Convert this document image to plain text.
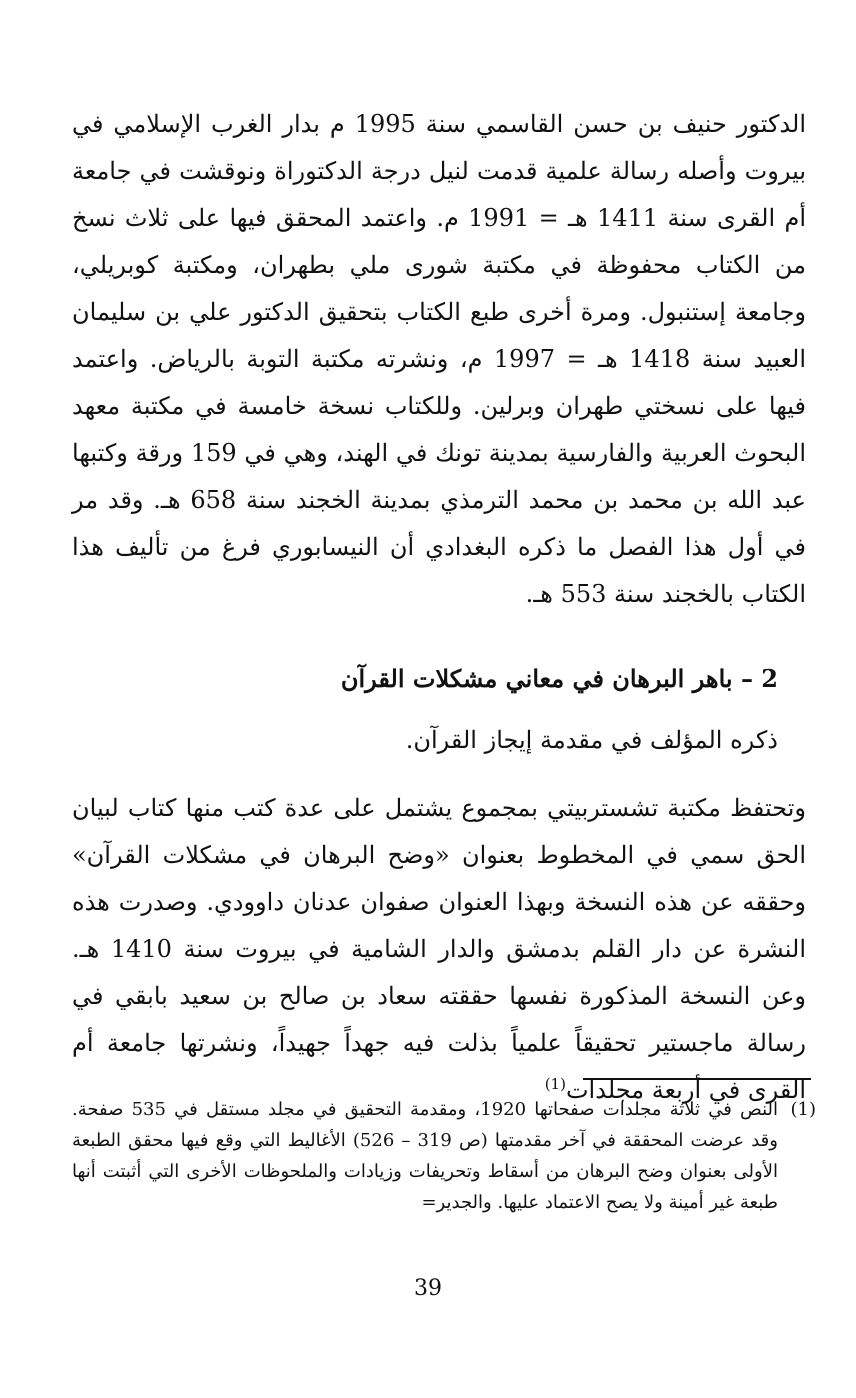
الدكتور حنيف بن حسن القاسمي سنة 1995 م بدار الغرب الإسلامي في بيروت وأصله رسالة علمية قدمت لنيل درجة الدكتوراة ونوقشت في جامعة أم القرى سنة 1411 هـ = 1991 م. واعتمد المحقق فيها على ثلاث نسخ من الكتاب محفوظة في مكتبة شورى ملي بطهران، ومكتبة كوبريلي، وجامعة إستنبول. ومرة أخرى طبع الكتاب بتحقيق الدكتور علي بن سليمان العبيد سنة 1418 هـ = 1997 م، ونشرته مكتبة التوبة بالرياض. واعتمد فيها على نسختي طهران وبرلين. وللكتاب نسخة خامسة في مكتبة معهد البحوث العربية والفارسية بمدينة تونك في الهند، وهي في 159 ورقة وكتبها عبد الله بن محمد بن محمد الترمذي بمدينة الخجند سنة 658 هـ. وقد مر في أول هذا الفصل ما ذكره البغدادي أن النيسابوري فرغ من تأليف هذا الكتاب بالخجند سنة 553 هـ.

2 – باهر البرهان في معاني مشكلات القرآن

ذكره المؤلف في مقدمة إيجاز القرآن.

وتحتفظ مكتبة تشستربيتي بمجموع يشتمل على عدة كتب منها كتاب لبيان الحق سمي في المخطوط بعنوان «وضح البرهان في مشكلات القرآن» وحققه عن هذه النسخة وبهذا العنوان صفوان عدنان داوودي. وصدرت هذه النشرة عن دار القلم بدمشق والدار الشامية في بيروت سنة 1410 هـ. وعن النسخة المذكورة نفسها حققته سعاد بن صالح بن سعيد بابقي في رسالة ماجستير تحقيقاً علمياً بذلت فيه جهداً جهيداً، ونشرتها جامعة أم القرى في أربعة مجلدات$^{(1)}$

(1)
النص في ثلاثة مجلدات صفحاتها 1920، ومقدمة التحقيق في مجلد مستقل في 535 صفحة. وقد عرضت المحققة في آخر مقدمتها (ص 319 – 526) الأغاليط التي وقع فيها محقق الطبعة الأولى بعنوان وضح البرهان من أسقاط وتحريفات وزيادات والملحوظات الأخرى التي أثبتت أنها طبعة غير أمينة ولا يصح الاعتماد عليها. والجدير=
39
